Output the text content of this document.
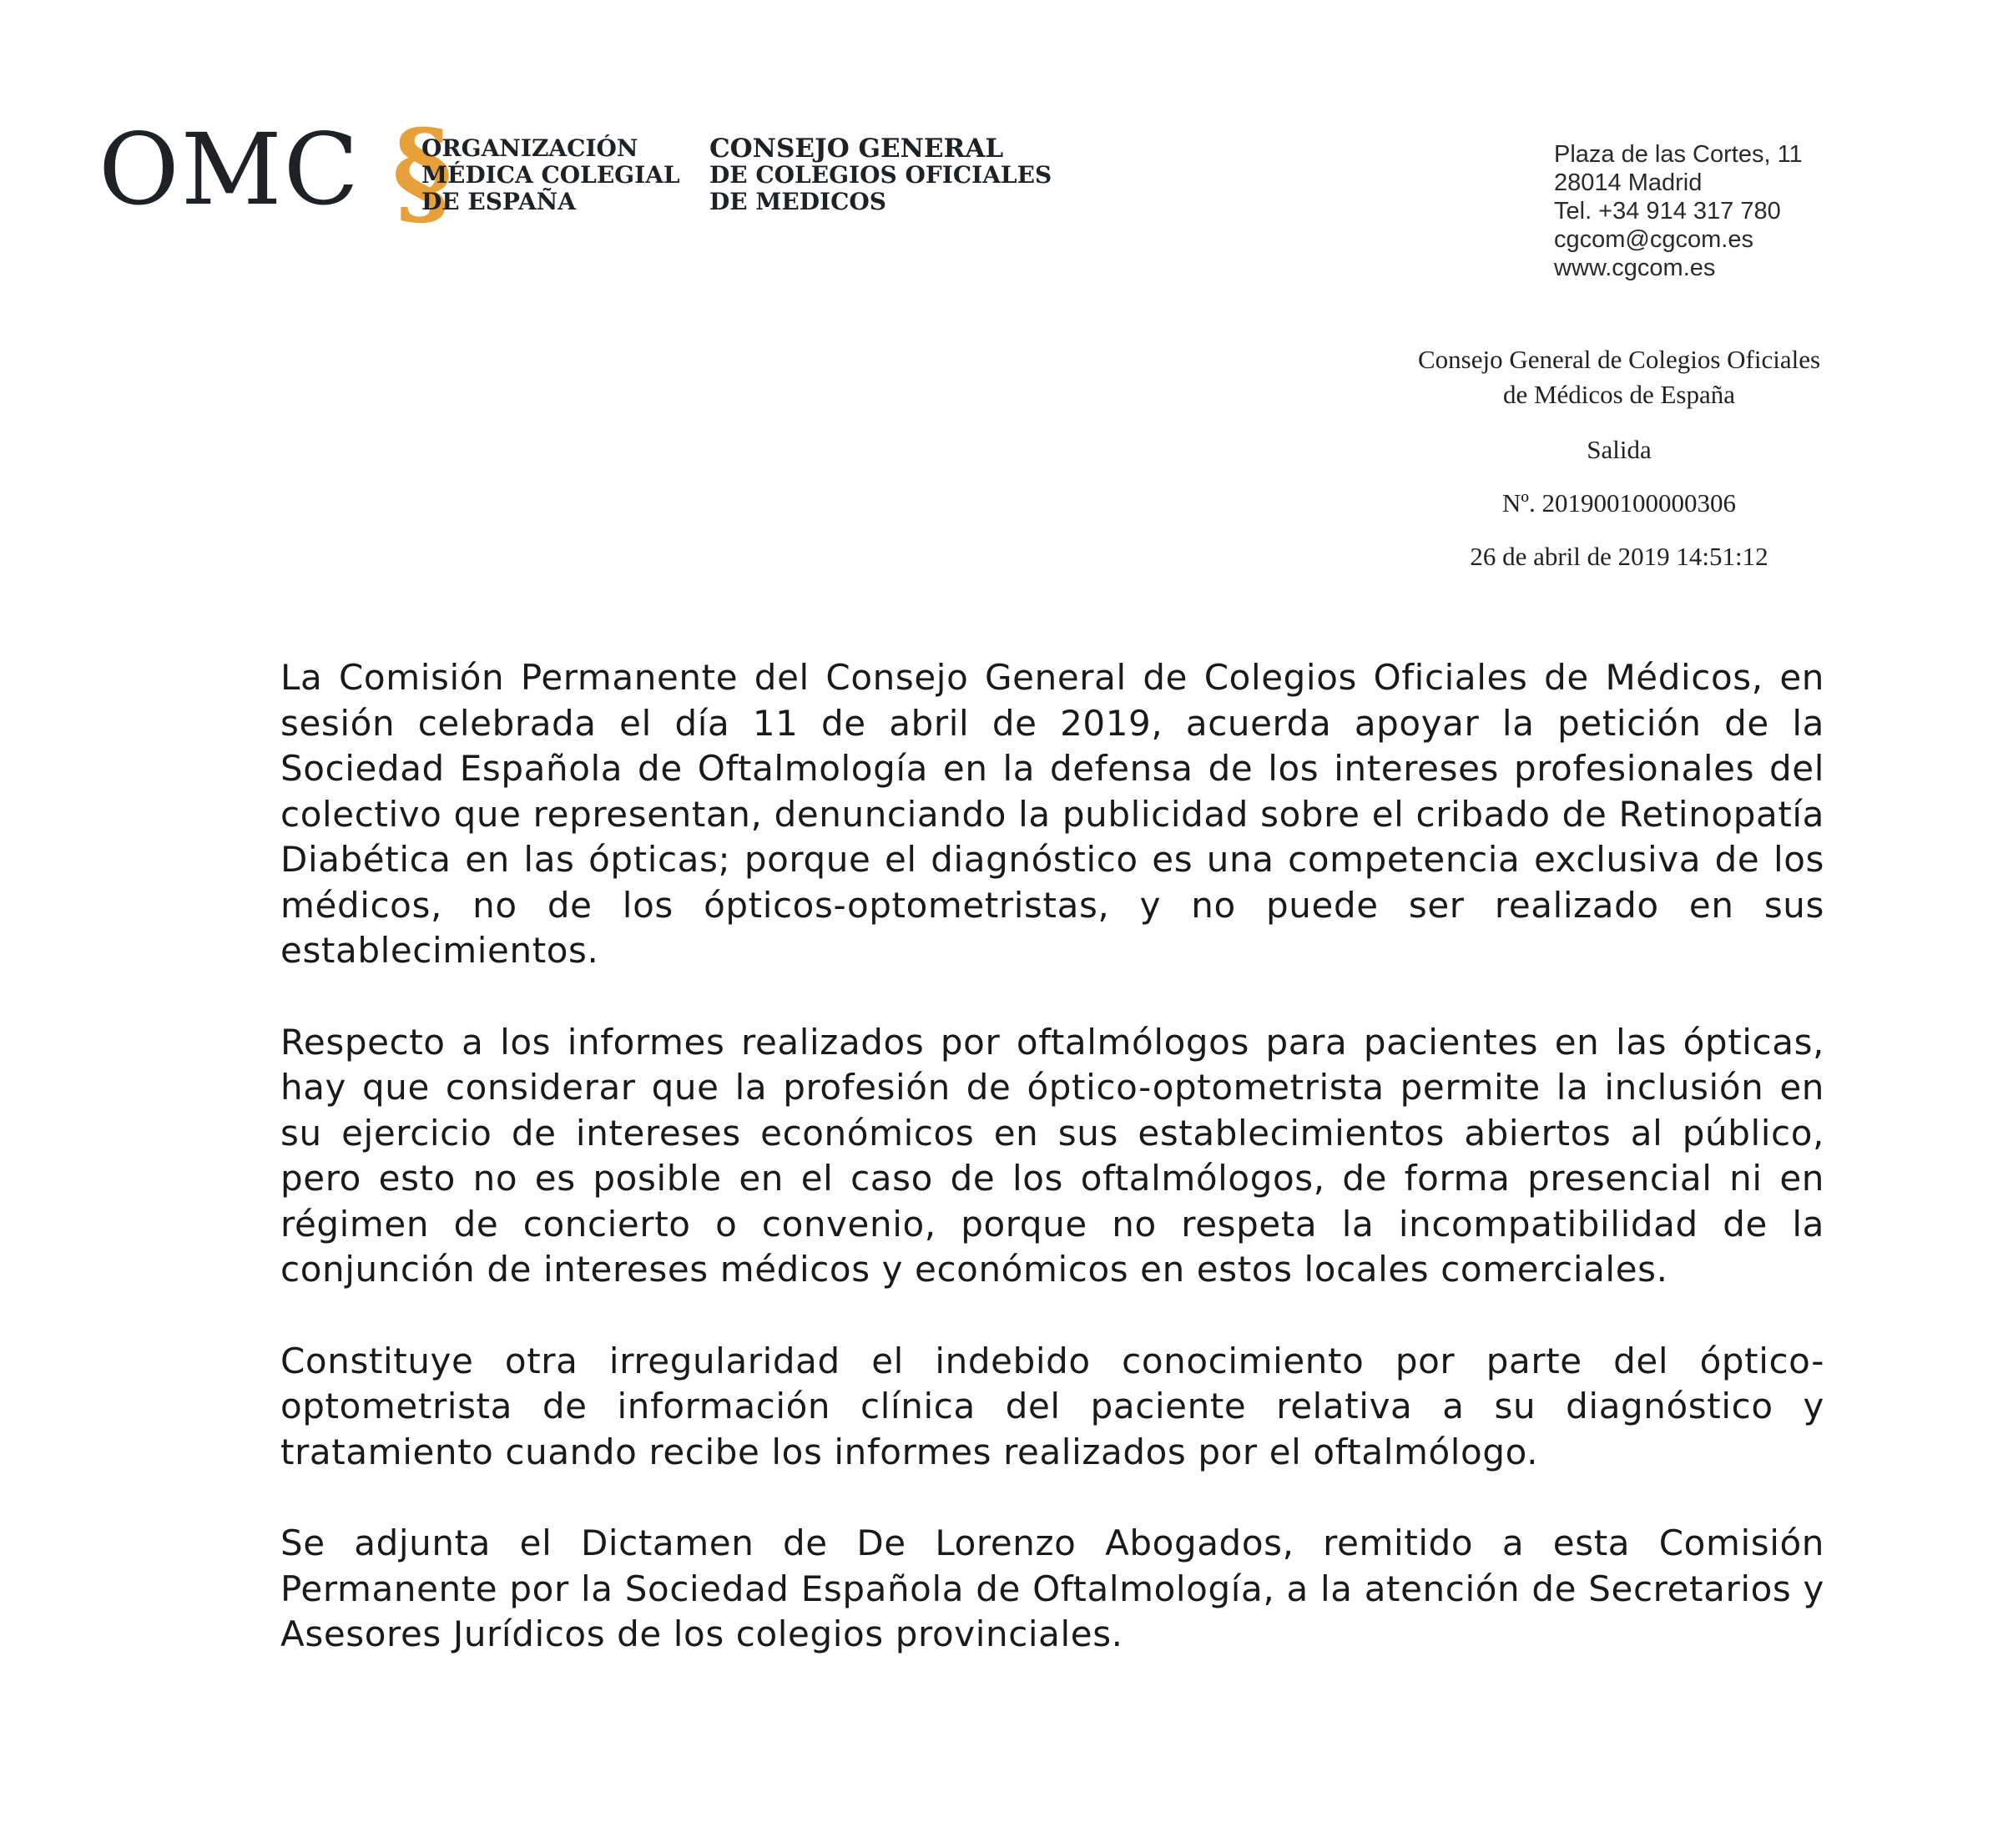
OMC §
ORGANIZACIÓN
MÉDICA COLEGIAL
DE ESPAÑA
CONSEJO GENERAL
DE COLEGIOS OFICIALES
DE MEDICOS
Plaza de las Cortes, 11
28014 Madrid
Tel. +34 914 317 780
cgcom@cgcom.es
www.cgcom.es
Consejo General de Colegios Oficiales
de Médicos de España
Salida
Nº. 201900100000306
26 de abril de 2019 14:51:12

La Comisión Permanente del Consejo General de Colegios Oficiales de Médicos, en sesión celebrada el día 11 de abril de 2019, acuerda apoyar la petición de la Sociedad Española de Oftalmología en la defensa de los intereses profesionales del colectivo que representan, denunciando la publicidad sobre el cribado de Retinopatía Diabética en las ópticas; porque el diagnóstico es una competencia exclusiva de los médicos, no de los ópticos-optometristas, y no puede ser realizado en sus establecimientos.

Respecto a los informes realizados por oftalmólogos para pacientes en las ópticas, hay que considerar que la profesión de óptico-optometrista permite la inclusión en su ejercicio de intereses económicos en sus establecimientos abiertos al público, pero esto no es posible en el caso de los oftalmólogos, de forma presencial ni en régimen de concierto o convenio, porque no respeta la incompatibilidad de la conjunción de intereses médicos y económicos en estos locales comerciales.

Constituye otra irregularidad el indebido conocimiento por parte del óptico-optometrista de información clínica del paciente relativa a su diagnóstico y tratamiento cuando recibe los informes realizados por el oftalmólogo.

Se adjunta el Dictamen de De Lorenzo Abogados, remitido a esta Comisión Permanente por la Sociedad Española de Oftalmología, a la atención de Secretarios y Asesores Jurídicos de los colegios provinciales.
